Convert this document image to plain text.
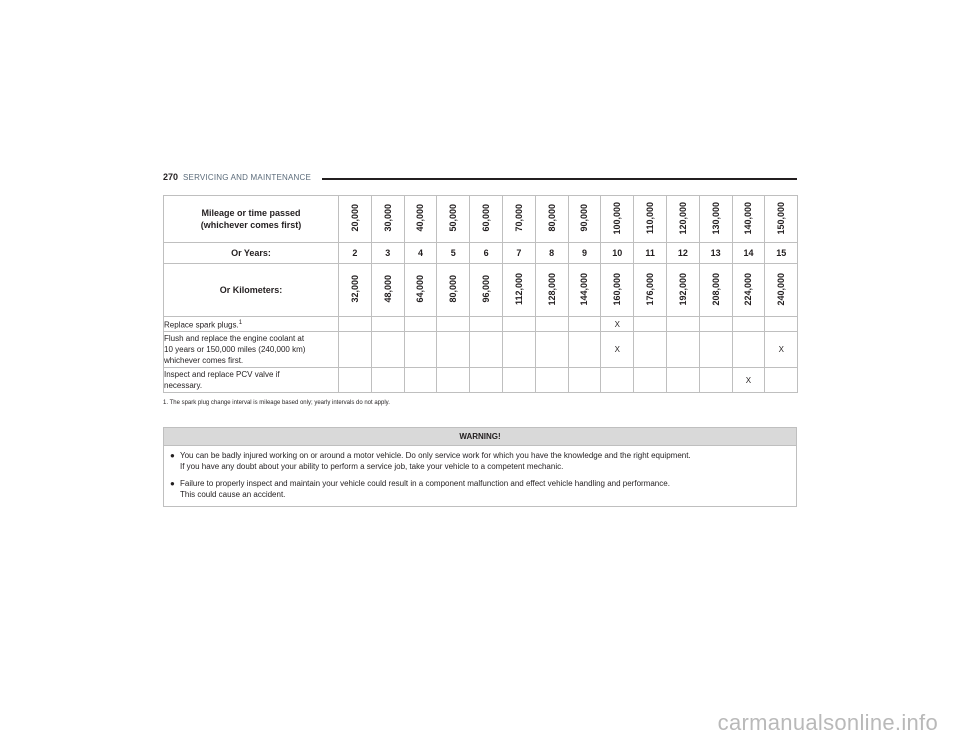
270 SERVICING AND MAINTENANCE
Mileage or time passed
(whichever comes first)	20,000	30,000	40,000	50,000	60,000	70,000	80,000	90,000	100,000	110,000	120,000	130,000	140,000	150,000
Or Years:	2	3	4	5	6	7	8	9	10	11	12	13	14	15
Or Kilometers:	32,000	48,000	64,000	80,000	96,000	112,000	128,000	144,000	160,000	176,000	192,000	208,000	224,000	240,000
Replace spark plugs.$^1$									X					
Flush and replace the engine coolant at
10 years or 150,000 miles (240,000 km)
whichever comes first.									X					X
Inspect and replace PCV valve if
necessary.													X	
1. The spark plug change interval is mileage based only; yearly intervals do not apply.
WARNING!
● You can be badly injured working on or around a motor vehicle. Do only service work for which you have the knowledge and the right equipment.
If you have any doubt about your ability to perform a service job, take your vehicle to a competent mechanic.
● Failure to properly inspect and maintain your vehicle could result in a component malfunction and effect vehicle handling and performance.
This could cause an accident.
carmanualsonline.info
